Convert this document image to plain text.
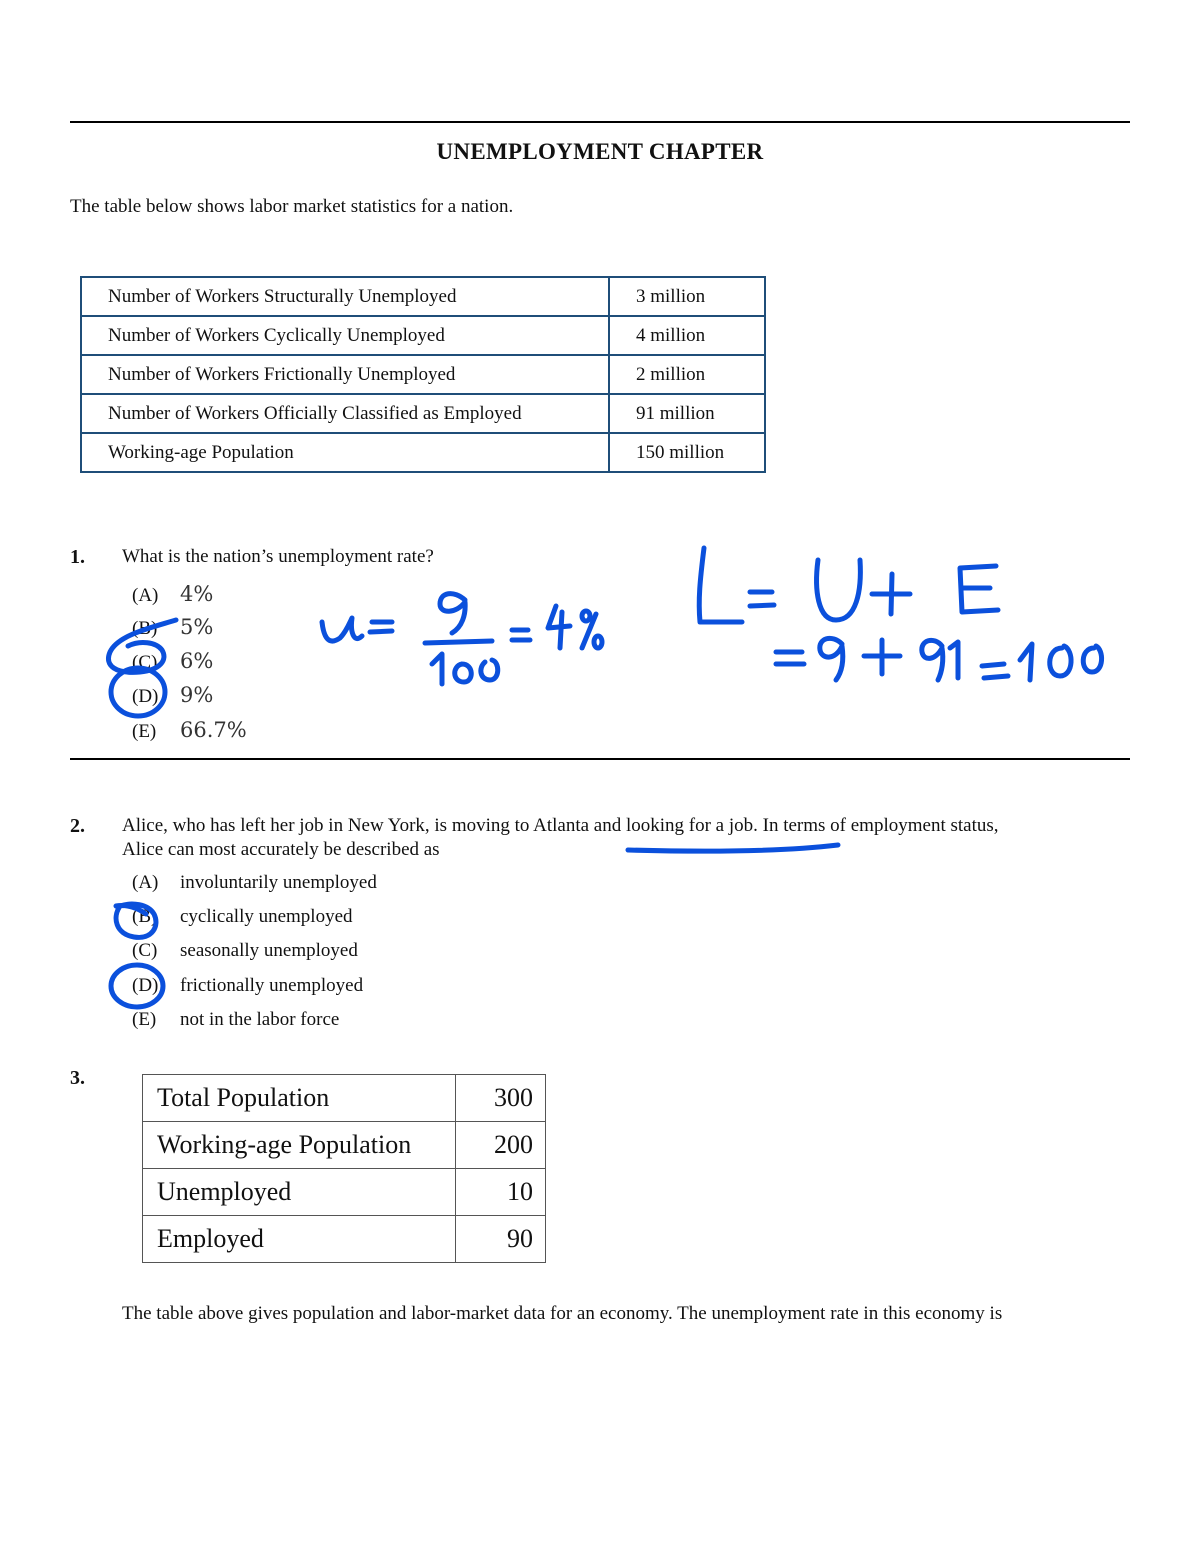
UNEMPLOYMENT CHAPTER
The table below shows labor market statistics for a nation.
Number of Workers Structurally Unemployed	3 million
Number of Workers Cyclically Unemployed	4 million
Number of Workers Frictionally Unemployed	2 million
Number of Workers Officially Classified as Employed	91 million
Working-age Population	150 million
1. What is the nation’s unemployment rate?
(A) 4%
(B) 5%
(C) 6%
(D) 9%
(E) 66.7%
2. Alice, who has left her job in New York, is moving to Atlanta and looking for a job. In terms of employment status,
Alice can most accurately be described as
(A) involuntarily unemployed
(B) cyclically unemployed
(C) seasonally unemployed
(D) frictionally unemployed
(E) not in the labor force
3.
Total Population	300
Working-age Population	200
Unemployed	10
Employed	90
The table above gives population and labor-market data for an economy. The unemployment rate in this economy is
